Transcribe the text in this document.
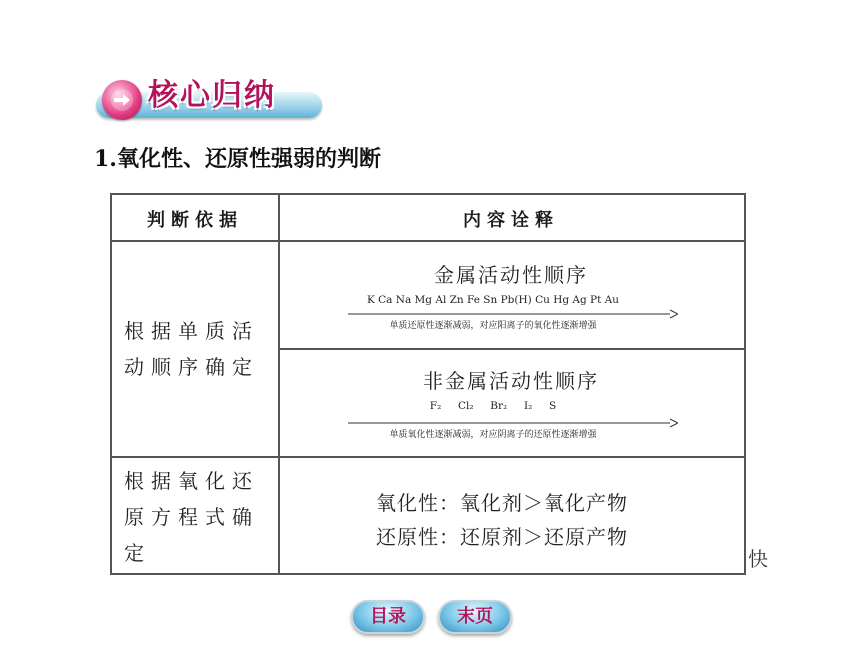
核心归纳
1.氧化性、还原性强弱的判断
判断依据	内容诠释
根据单质活
动顺序确定
金属活动性顺序
K Ca Na Mg Al Zn Fe Sn Pb(H) Cu Hg Ag Pt Au
单质还原性逐渐减弱，对应阳离子的氧化性逐渐增强
非金属活动性顺序
F₂ Cl₂ Br₂ I₂ S
单质氧化性逐渐减弱，对应阴离子的还原性逐渐增强
根据氧化还
原方程式确
定
氧化性：氧化剂＞氧化产物
还原性：还原剂＞还原产物
快
目录	末页
